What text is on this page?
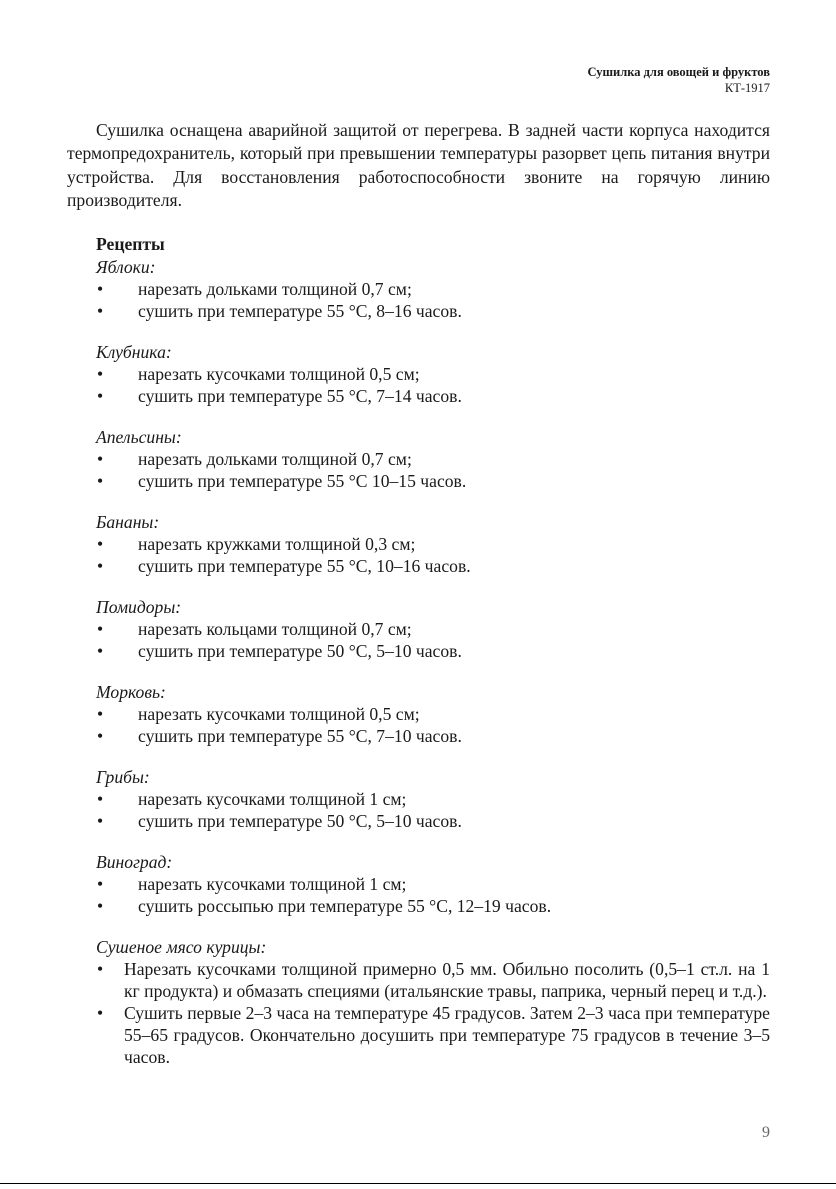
Сушилка для овощей и фруктов
КТ-1917

Сушилка оснащена аварийной защитой от перегрева. В задней части корпуса находится термопредохранитель, который при превышении температуры разорвет цепь питания внутри устройства. Для восстановления работоспособности звоните на горячую линию производителя.

Рецепты
Яблоки:
• нарезать дольками толщиной 0,7 см;
• сушить при температуре 55 °С, 8–16 часов.
Клубника:
• нарезать кусочками толщиной 0,5 см;
• сушить при температуре 55 °С, 7–14 часов.
Апельсины:
• нарезать дольками толщиной 0,7 см;
• сушить при температуре 55 °С 10–15 часов.
Бананы:
• нарезать кружками толщиной 0,3 см;
• сушить при температуре 55 °С, 10–16 часов.
Помидоры:
• нарезать кольцами толщиной 0,7 см;
• сушить при температуре 50 °С, 5–10 часов.
Морковь:
• нарезать кусочками толщиной 0,5 см;
• сушить при температуре 55 °С, 7–10 часов.
Грибы:
• нарезать кусочками толщиной 1 см;
• сушить при температуре 50 °С, 5–10 часов.
Виноград:
• нарезать кусочками толщиной 1 см;
• сушить россыпью при температуре 55 °С, 12–19 часов.
Сушеное мясо курицы:
• Нарезать кусочками толщиной примерно 0,5 мм. Обильно посолить (0,5–1 ст.л. на 1 кг продукта) и обмазать специями (итальянские травы, паприка, черный перец и т.д.).
• Сушить первые 2–3 часа на температуре 45 градусов. Затем 2–3 часа при температуре 55–65 градусов. Окончательно досушить при температуре 75 градусов в течение 3–5 часов.
9
